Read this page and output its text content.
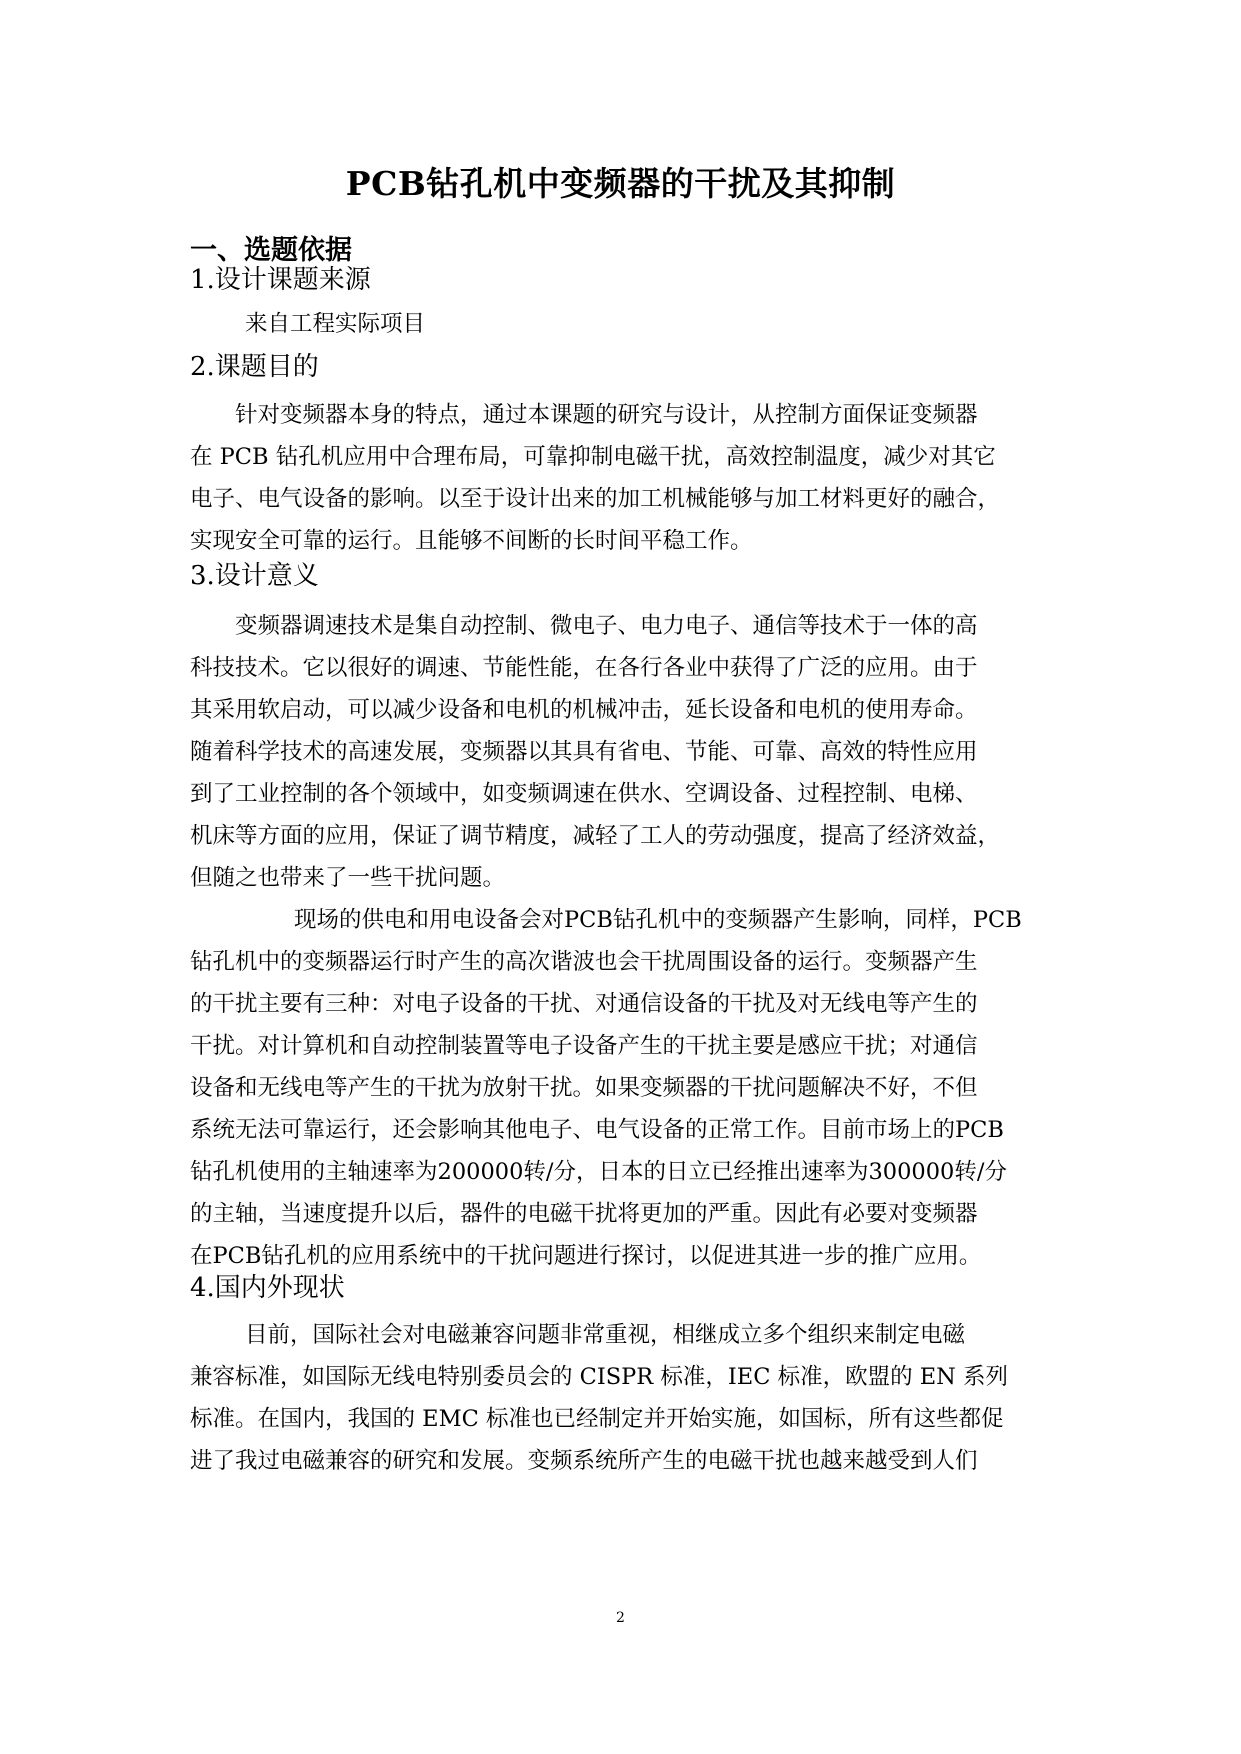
PCB钻孔机中变频器的干扰及其抑制
一、选题依据
1.设计课题来源
来自工程实际项目
2.课题目的
针对变频器本身的特点，通过本课题的研究与设计，从控制方面保证变频器
在 PCB 钻孔机应用中合理布局，可靠抑制电磁干扰，高效控制温度，减少对其它
电子、电气设备的影响。以至于设计出来的加工机械能够与加工材料更好的融合，
实现安全可靠的运行。且能够不间断的长时间平稳工作。
3.设计意义
变频器调速技术是集自动控制、微电子、电力电子、通信等技术于一体的高
科技技术。它以很好的调速、节能性能，在各行各业中获得了广泛的应用。由于
其采用软启动，可以减少设备和电机的机械冲击，延长设备和电机的使用寿命。
随着科学技术的高速发展，变频器以其具有省电、节能、可靠、高效的特性应用
到了工业控制的各个领域中，如变频调速在供水、空调设备、过程控制、电梯、
机床等方面的应用，保证了调节精度，减轻了工人的劳动强度，提高了经济效益，
但随之也带来了一些干扰问题。
现场的供电和用电设备会对PCB钻孔机中的变频器产生影响，同样，PCB
钻孔机中的变频器运行时产生的高次谐波也会干扰周围设备的运行。变频器产生
的干扰主要有三种：对电子设备的干扰、对通信设备的干扰及对无线电等产生的
干扰。对计算机和自动控制装置等电子设备产生的干扰主要是感应干扰；对通信
设备和无线电等产生的干扰为放射干扰。如果变频器的干扰问题解决不好，不但
系统无法可靠运行，还会影响其他电子、电气设备的正常工作。目前市场上的PCB
钻孔机使用的主轴速率为200000转/分，日本的日立已经推出速率为300000转/分
的主轴，当速度提升以后，器件的电磁干扰将更加的严重。因此有必要对变频器
在PCB钻孔机的应用系统中的干扰问题进行探讨，以促进其进一步的推广应用。
4.国内外现状
目前，国际社会对电磁兼容问题非常重视，相继成立多个组织来制定电磁
兼容标准，如国际无线电特别委员会的 CISPR 标准，IEC 标准，欧盟的 EN 系列
标准。在国内，我国的 EMC 标准也已经制定并开始实施，如国标，所有这些都促
进了我过电磁兼容的研究和发展。变频系统所产生的电磁干扰也越来越受到人们
2
